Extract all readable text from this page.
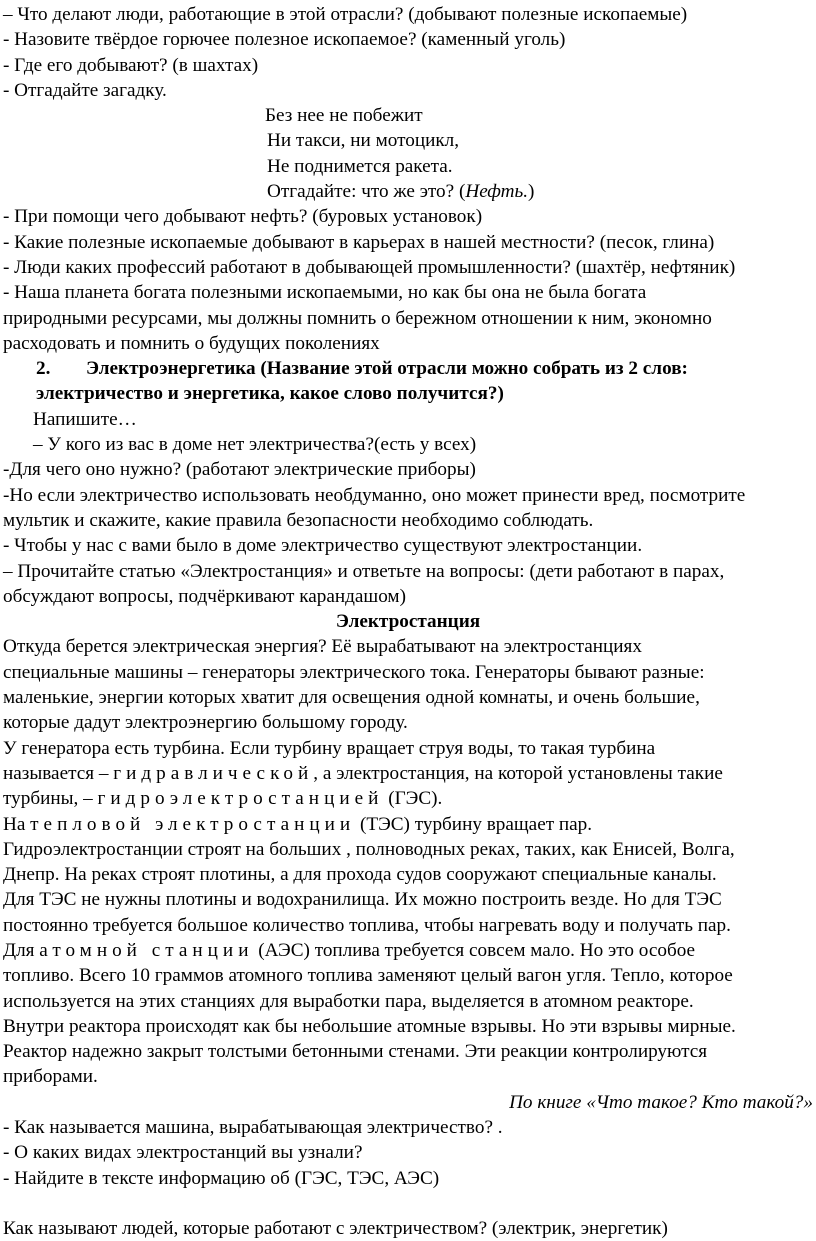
– Что делают люди, работающие в этой отрасли? (добывают полезные ископаемые)

- Назовите твёрдое горючее полезное ископаемое? (каменный уголь)

- Где его добывают? (в шахтах)

- Отгадайте загадку.

Без нее не побежит

Ни такси, ни мотоцикл,

Не поднимется ракета.

Отгадайте: что же это? (Нефть.)

- При помощи чего добывают нефть? (буровых установок)

- Какие полезные ископаемые добывают в карьерах в нашей местности? (песок, глина)

- Люди каких профессий работают в добывающей промышленности? (шахтёр, нефтяник)

- Наша планета богата полезными ископаемыми, но как бы она не была богата

природными ресурсами, мы должны помнить о бережном отношении к ним, экономно

расходовать и помнить о будущих поколениях

2. Электроэнергетика (Название этой отрасли можно собрать из 2 слов:

электричество и энергетика, какое слово получится?)

Напишите…

– У кого из вас в доме нет электричества?(есть у всех)

-Для чего оно нужно? (работают электрические приборы)

-Но если электричество использовать необдуманно, оно может принести вред, посмотрите

мультик и скажите, какие правила безопасности необходимо соблюдать.

- Чтобы у нас с вами было в доме электричество существуют электростанции.

– Прочитайте статью «Электростанция» и ответьте на вопросы: (дети работают в парах,

обсуждают вопросы, подчёркивают карандашом)

Электростанция

Откуда берется электрическая энергия? Её вырабатывают на электростанциях

специальные машины – генераторы электрического тока. Генераторы бывают разные:

маленькие, энергии которых хватит для освещения одной комнаты, и очень большие,

которые дадут электроэнергию большому городу.

У генератора есть турбина. Если турбину вращает струя воды, то такая турбина

называется – гидравлической, а электростанция, на которой установлены такие

турбины, – гидроэлектростанцией (ГЭС).

На тепловой электростанции (ТЭС) турбину вращает пар.

Гидроэлектростанции строят на больших , полноводных реках, таких, как Енисей, Волга,

Днепр. На реках строят плотины, а для прохода судов сооружают специальные каналы.

Для ТЭС не нужны плотины и водохранилища. Их можно построить везде. Но для ТЭС

постоянно требуется большое количество топлива, чтобы нагревать воду и получать пар.

Для атомной станции (АЭС) топлива требуется совсем мало. Но это особое

топливо. Всего 10 граммов атомного топлива заменяют целый вагон угля. Тепло, которое

используется на этих станциях для выработки пара, выделяется в атомном реакторе.

Внутри реактора происходят как бы небольшие атомные взрывы. Но эти взрывы мирные.

Реактор надежно закрыт толстыми бетонными стенами. Эти реакции контролируются

приборами.

По книге «Что такое? Кто такой?»

- Как называется машина, вырабатывающая электричество? .

- О каких видах электростанций вы узнали?

- Найдите в тексте информацию об (ГЭС, ТЭС, АЭС)

Как называют людей, которые работают с электричеством? (электрик, энергетик)
